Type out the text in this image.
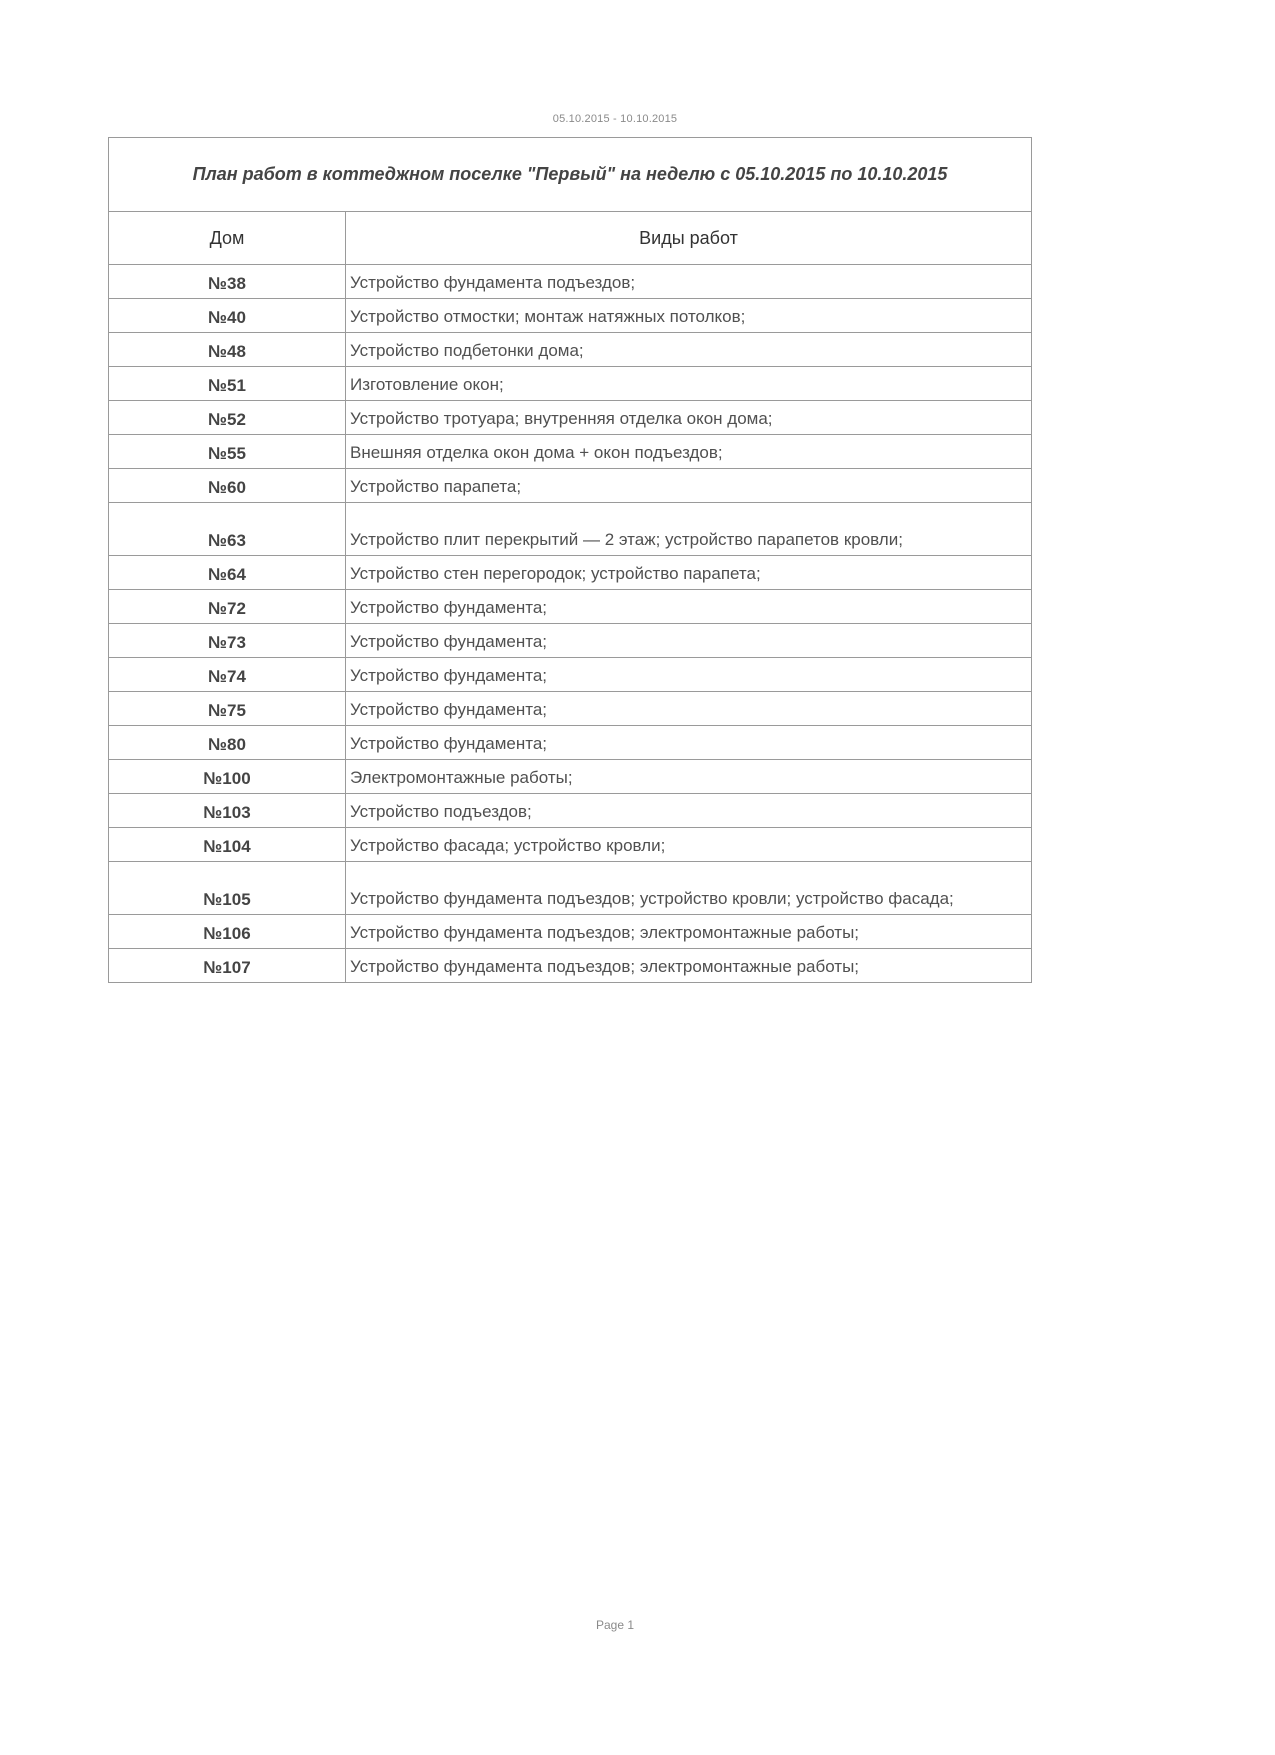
05.10.2015 - 10.10.2015
План работ в коттеджном поселке "Первый" на неделю с 05.10.2015 по 10.10.2015	
Дом	Виды работ
№38	Устройство фундамента подъездов;
№40	Устройство отмостки; монтаж натяжных потолков;
№48	Устройство подбетонки дома;
№51	Изготовление окон;
№52	Устройство тротуара; внутренняя отделка окон дома;
№55	Внешняя отделка окон дома + окон подъездов;
№60	Устройство парапета;
№63	Устройство плит перекрытий — 2 этаж; устройство парапетов кровли;
№64	Устройство стен перегородок; устройство парапета;
№72	Устройство фундамента;
№73	Устройство фундамента;
№74	Устройство фундамента;
№75	Устройство фундамента;
№80	Устройство фундамента;
№100	Электромонтажные работы;
№103	Устройство подъездов;
№104	Устройство фасада; устройство кровли;
№105	Устройство фундамента подъездов; устройство кровли; устройство фасада;
№106	Устройство фундамента подъездов; электромонтажные работы;
№107	Устройство фундамента подъездов; электромонтажные работы;
Page 1
